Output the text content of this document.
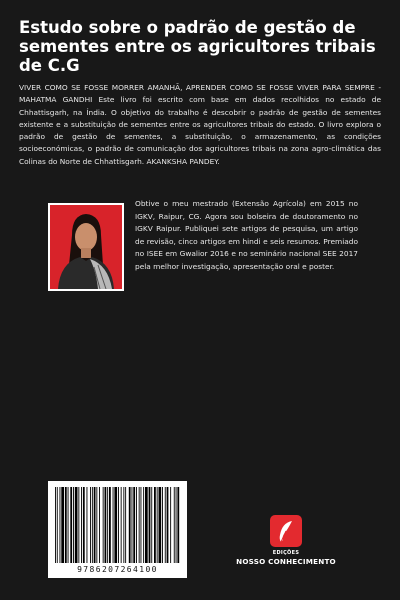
Estudo sobre o padrão de gestão de sementes entre os agricultores tribais de C.G
VIVER COMO SE FOSSE MORRER AMANHÃ, APRENDER COMO SE FOSSE VIVER PARA SEMPRE - MAHATMA GANDHI Este livro foi escrito com base em dados recolhidos no estado de Chhattisgarh, na Índia. O objetivo do trabalho é descobrir o padrão de gestão de sementes existente e a substituição de sementes entre os agricultores tribais do estado. O livro explora o padrão de gestão de sementes, a substituição, o armazenamento, as condições socioeconómicas, o padrão de comunicação dos agricultores tribais na zona agro-climática das Colinas do Norte de Chhattisgarh. AKANKSHA PANDEY.
Obtive o meu mestrado (Extensão Agrícola) em 2015 no IGKV, Raipur, CG. Agora sou bolseira de doutoramento no IGKV Raipur. Publiquei sete artigos de pesquisa, um artigo de revisão, cinco artigos em hindi e seis resumos. Premiado no ISEE em Gwalior 2016 e no seminário nacional SEE 2017 pela melhor investigação, apresentação oral e poster.
9786207264100
EDIÇÕES
NOSSO CONHECIMENTO
